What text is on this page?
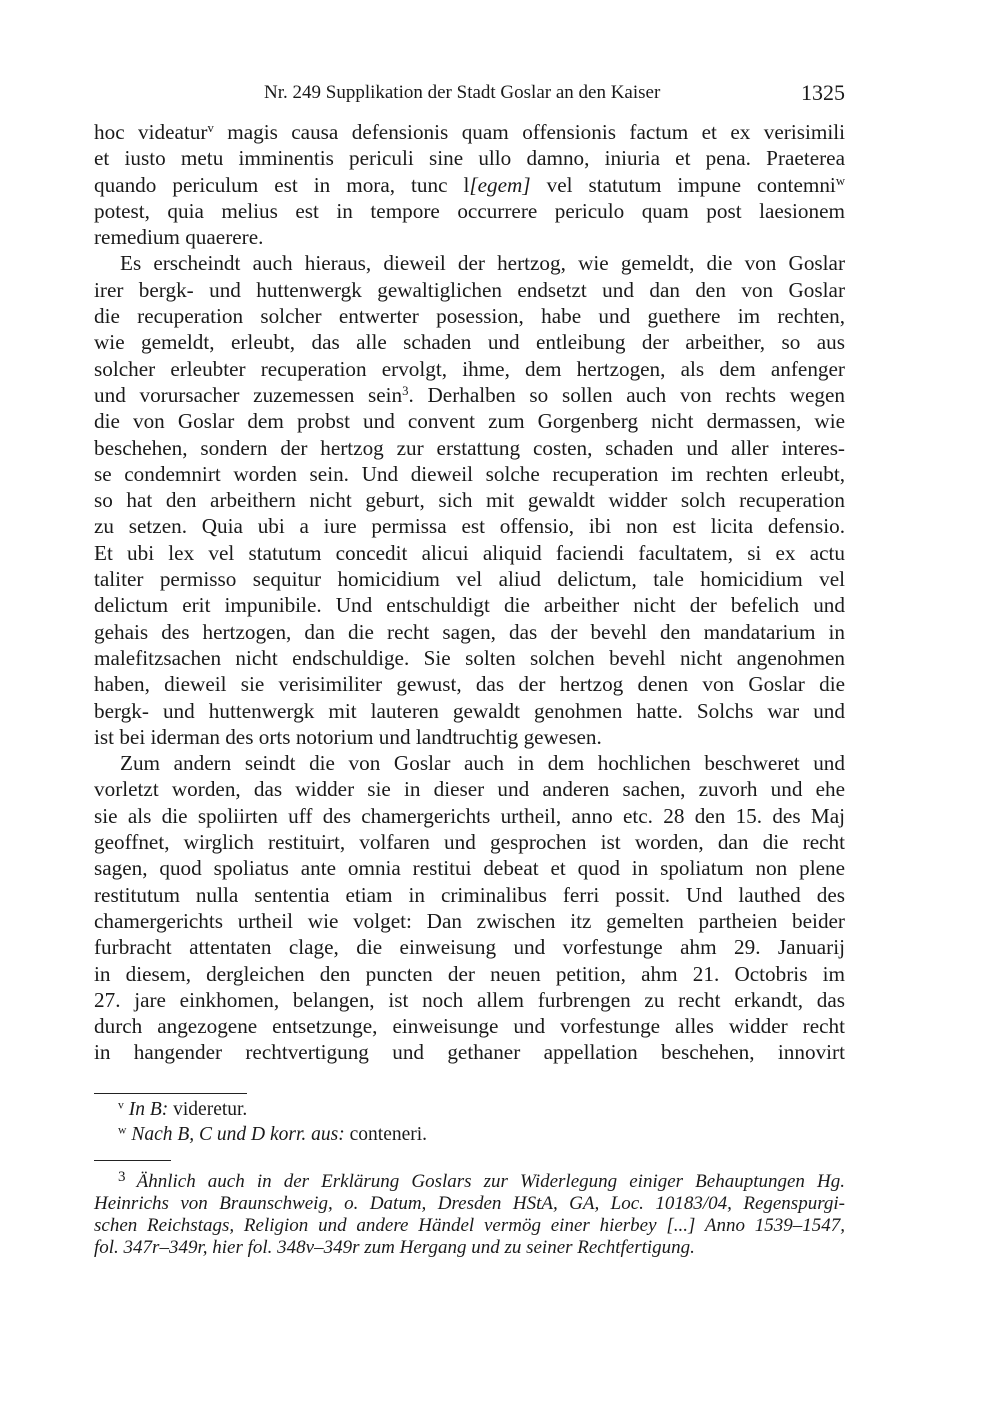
Nr. 249 Supplikation der Stadt Goslar an den Kaiser	1325
hoc videatur$^v$ magis causa defensionis quam offensionis factum et ex verisimili
et iusto metu imminentis periculi sine ullo damno, iniuria et pena. Praeterea
quando periculum est in mora, tunc l[egem] vel statutum impune contemni$^w$
potest, quia melius est in tempore occurrere periculo quam post laesionem
remedium quaerere.
Es erscheindt auch hieraus, dieweil der hertzog, wie gemeldt, die von Goslar
irer bergk- und huttenwergk gewaltiglichen endsetzt und dan den von Goslar
die recuperation solcher entwerter posession, habe und guethere im rechten,
wie gemeldt, erleubt, das alle schaden und entleibung der arbeither, so aus
solcher erleubter recuperation ervolgt, ihme, dem hertzogen, als dem anfenger
und vorursacher zuzemessen sein$^3$. Derhalben so sollen auch von rechts wegen
die von Goslar dem probst und convent zum Gorgenberg nicht dermassen, wie
beschehen, sondern der hertzog zur erstattung costen, schaden und aller interes-
se condemnirt worden sein. Und dieweil solche recuperation im rechten erleubt,
so hat den arbeithern nicht geburt, sich mit gewaldt widder solch recuperation
zu setzen. Quia ubi a iure permissa est offensio, ibi non est licita defensio.
Et ubi lex vel statutum concedit alicui aliquid faciendi facultatem, si ex actu
taliter permisso sequitur homicidium vel aliud delictum, tale homicidium vel
delictum erit impunibile. Und entschuldigt die arbeither nicht der befelich und
gehais des hertzogen, dan die recht sagen, das der bevehl den mandatarium in
malefitzsachen nicht endschuldige. Sie solten solchen bevehl nicht angenohmen
haben, dieweil sie verisimiliter gewust, das der hertzog denen von Goslar die
bergk- und huttenwergk mit lauteren gewaldt genohmen hatte. Solchs war und
ist bei iderman des orts notorium und landtruchtig gewesen.
Zum andern seindt die von Goslar auch in dem hochlichen beschweret und
vorletzt worden, das widder sie in dieser und anderen sachen, zuvorh und ehe
sie als die spoliirten uff des chamergerichts urtheil, anno etc. 28 den 15. des Maj
geoffnet, wirglich restituirt, volfaren und gesprochen ist worden, dan die recht
sagen, quod spoliatus ante omnia restitui debeat et quod in spoliatum non plene
restitutum nulla sententia etiam in criminalibus ferri possit. Und lauthed des
chamergerichts urtheil wie volget: Dan zwischen itz gemelten partheien beider
furbracht attentaten clage, die einweisung und vorfestunge ahm 29. Januarij
in diesem, dergleichen den puncten der neuen petition, ahm 21. Octobris im
27. jare einkhomen, belangen, ist noch allem furbrengen zu recht erkandt, das
durch angezogene entsetzunge, einweisunge und vorfestunge alles widder recht
in hangender rechtvertigung und gethaner appellation beschehen, innovirt
$^v$ In B: videretur.
$^w$ Nach B, C und D korr. aus: conteneri.
$^3$ Ähnlich auch in der Erklärung Goslars zur Widerlegung einiger Behauptungen Hg.
Heinrichs von Braunschweig, o. Datum, Dresden HStA, GA, Loc. 10183/04, Regenspurgi-
schen Reichstags, Religion und andere Händel vermög einer hierbey [...] Anno 1539–1547,
fol. 347r–349r, hier fol. 348v–349r zum Hergang und zu seiner Rechtfertigung.
